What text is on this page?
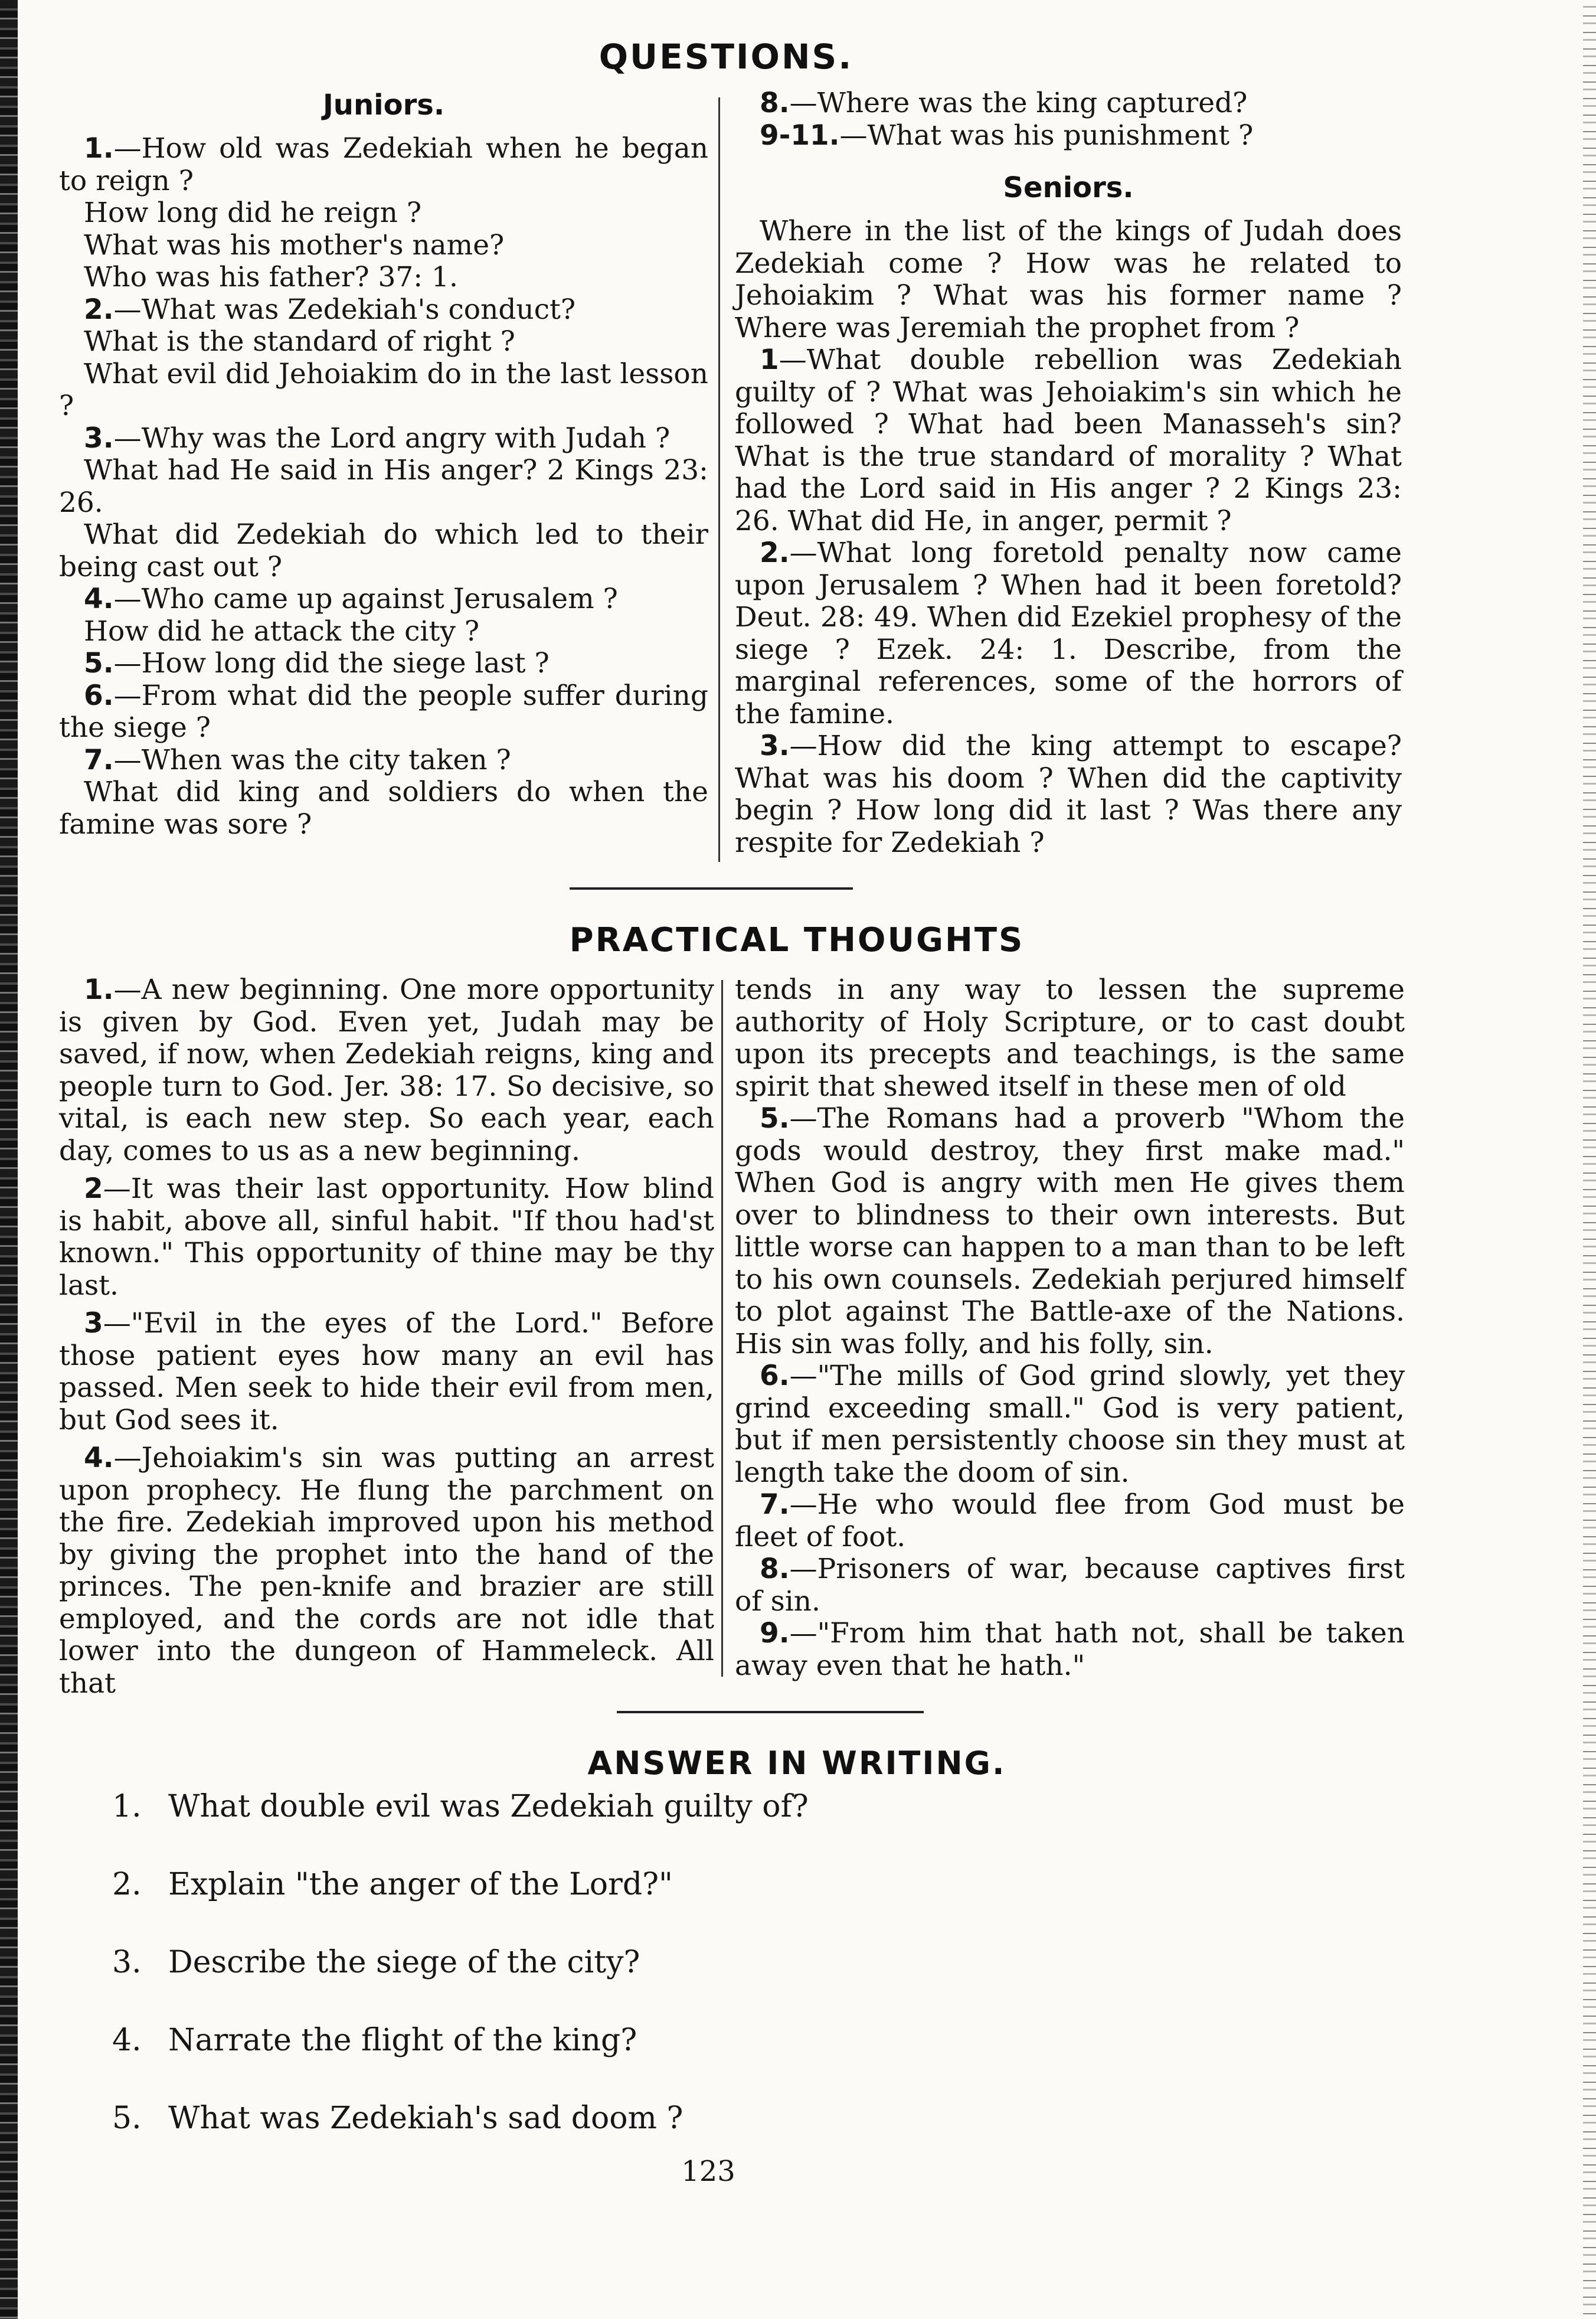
QUESTIONS.
Juniors.

1.—How old was Zedekiah when he began to reign ?

How long did he reign ?

What was his mother's name?

Who was his father? 37: 1.

2.—What was Zedekiah's conduct?

What is the standard of right ?

What evil did Jehoiakim do in the last lesson ?

3.—Why was the Lord angry with Judah ?

What had He said in His anger? 2 Kings 23: 26.

What did Zedekiah do which led to their being cast out ?

4.—Who came up against Jerusalem ?

How did he attack the city ?

5.—How long did the siege last ?

6.—From what did the people suffer during the siege ?

7.—When was the city taken ?

What did king and soldiers do when the famine was sore ?

8.—Where was the king captured?

9-11.—What was his punishment ?

Seniors.

Where in the list of the kings of Judah does Zedekiah come ? How was he related to Jehoiakim ? What was his former name ? Where was Jeremiah the prophet from ?

1—What double rebellion was Zedekiah guilty of ? What was Jehoiakim's sin which he followed ? What had been Manasseh's sin? What is the true standard of morality ? What had the Lord said in His anger ? 2 Kings 23: 26. What did He, in anger, permit ?

2.—What long foretold penalty now came upon Jerusalem ? When had it been foretold? Deut. 28: 49. When did Ezekiel prophesy of the siege ? Ezek. 24: 1. Describe, from the marginal references, some of the horrors of the famine.

3.—How did the king attempt to escape? What was his doom ? When did the captivity begin ? How long did it last ? Was there any respite for Zedekiah ?

PRACTICAL THOUGHTS

1.—A new beginning. One more opportunity is given by God. Even yet, Judah may be saved, if now, when Zedekiah reigns, king and people turn to God. Jer. 38: 17. So decisive, so vital, is each new step. So each year, each day, comes to us as a new beginning.

2—It was their last opportunity. How blind is habit, above all, sinful habit. "If thou had'st known." This opportunity of thine may be thy last.

3—"Evil in the eyes of the Lord." Before those patient eyes how many an evil has passed. Men seek to hide their evil from men, but God sees it.

4.—Jehoiakim's sin was putting an arrest upon prophecy. He flung the parchment on the fire. Zedekiah improved upon his method by giving the prophet into the hand of the princes. The pen-knife and brazier are still employed, and the cords are not idle that lower into the dungeon of Hammeleck. All that

tends in any way to lessen the supreme authority of Holy Scripture, or to cast doubt upon its precepts and teachings, is the same spirit that shewed itself in these men of old

5.—The Romans had a proverb "Whom the gods would destroy, they first make mad." When God is angry with men He gives them over to blindness to their own interests. But little worse can happen to a man than to be left to his own counsels. Zedekiah perjured himself to plot against The Battle-axe of the Nations. His sin was folly, and his folly, sin.

6.—"The mills of God grind slowly, yet they grind exceeding small." God is very patient, but if men persistently choose sin they must at length take the doom of sin.

7.—He who would flee from God must be fleet of foot.

8.—Prisoners of war, because captives first of sin.

9.—"From him that hath not, shall be taken away even that he hath."

ANSWER IN WRITING.
1. What double evil was Zedekiah guilty of?
2. Explain "the anger of the Lord?"
3. Describe the siege of the city?
4. Narrate the flight of the king?
5. What was Zedekiah's sad doom ?
123
